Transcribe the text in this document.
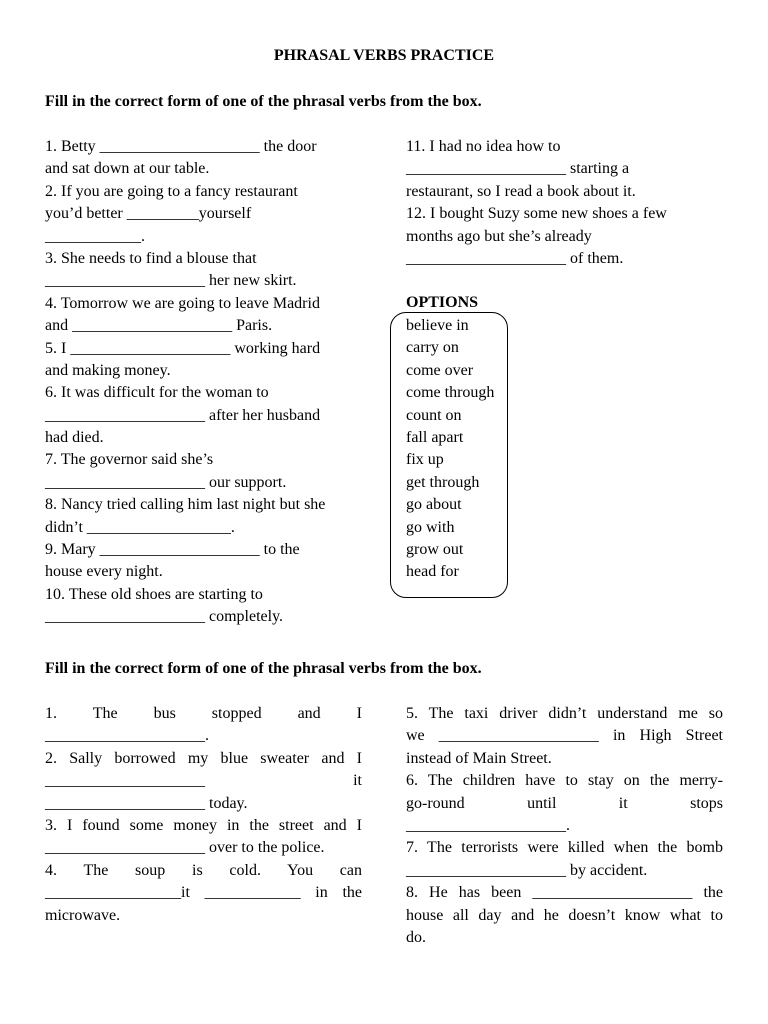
PHRASAL VERBS PRACTICE

Fill in the correct form of one of the phrasal verbs from the box.

1. Betty ____________________ the door
and sat down at our table.
2. If you are going to a fancy restaurant
you’d better _________yourself
____________.
3. She needs to find a blouse that
____________________ her new skirt.
4. Tomorrow we are going to leave Madrid
and ____________________ Paris.
5. I ____________________ working hard
and making money.
6. It was difficult for the woman to
____________________ after her husband
had died.
7. The governor said she’s
____________________ our support.
8. Nancy tried calling him last night but she
didn’t __________________.
9. Mary ____________________ to the
house every night.
10. These old shoes are starting to
____________________ completely.
11. I had no idea how to
____________________ starting a
restaurant, so I read a book about it.
12. I bought Suzy some new shoes a few
months ago but she’s already
____________________ of them.

OPTIONS

believe in
carry on
come over
come through
count on
fall apart
fix up
get through
go about
go with
grow out
head for

Fill in the correct form of one of the phrasal verbs from the box.

1. The bus stopped and I
____________________.
2. Sally borrowed my blue sweater and I
____________________ it
____________________ today.
3. I found some money in the street and I
____________________ over to the police.
4. The soup is cold. You can
_________________it ____________ in the
microwave.
5. The taxi driver didn’t understand me so
we ____________________ in High Street
instead of Main Street.
6. The children have to stay on the merry-
go-round until it stops
____________________.
7. The terrorists were killed when the bomb
____________________ by accident.
8. He has been ____________________ the
house all day and he doesn’t know what to
do.
